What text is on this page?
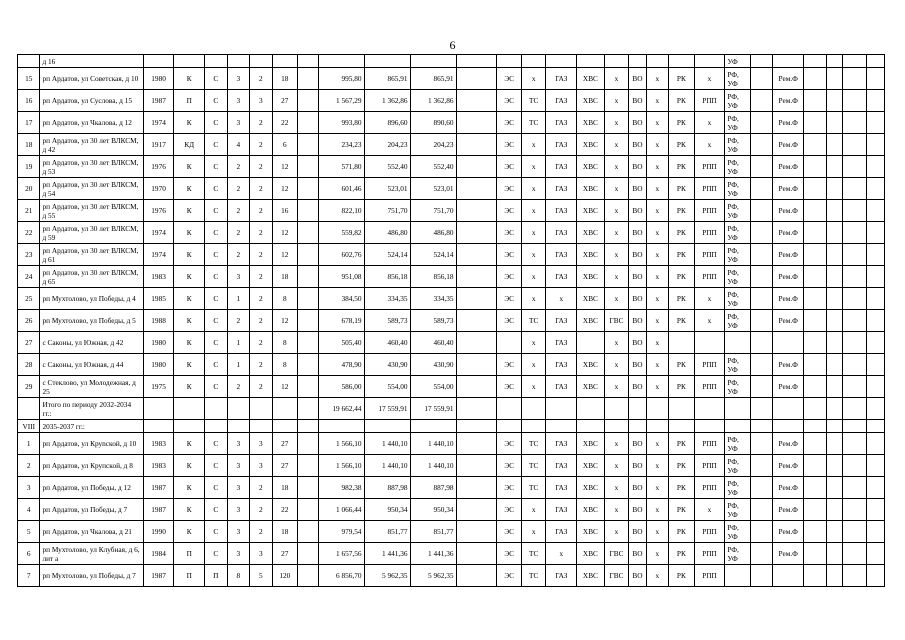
6
	д 16																					УФ						
15	рп Ардатов, ул Советская, д 10	1980	К	С	3	2	18		995,80	865,91	865,91		ЭС	х	ГАЗ	ХВС	х	ВО	х	РК	х	РФ, УФ		Рем.Ф				
16	рп Ардатов, ул Суслова, д 15	1987	П	С	3	3	27		1 567,29	1 362,86	1 362,86		ЭС	ТС	ГАЗ	ХВС	х	ВО	х	РК	РПП	РФ, УФ		Рем.Ф				
17	рп Ардатов, ул Чкалова, д 12	1974	К	С	3	2	22		993,80	896,60	890,60		ЭС	ТС	ГАЗ	ХВС	х	ВО	х	РК	х	РФ, УФ		Рем.Ф				
18	рп Ардатов, ул 30 лет ВЛКСМ, д 42	1917	КД	С	4	2	6		234,23	204,23	204,23		ЭС	х	ГАЗ	ХВС	х	ВО	х	РК	х	РФ, УФ		Рем.Ф				
19	рп Ардатов, ул 30 лет ВЛКСМ, д 53	1976	К	С	2	2	12		571,80	552,40	552,40		ЭС	х	ГАЗ	ХВС	х	ВО	х	РК	РПП	РФ, УФ		Рем.Ф				
20	рп Ардатов, ул 30 лет ВЛКСМ, д 54	1970	К	С	2	2	12		601,46	523,01	523,01		ЭС	х	ГАЗ	ХВС	х	ВО	х	РК	РПП	РФ, УФ		Рем.Ф				
21	рп Ардатов, ул 30 лет ВЛКСМ, д 55	1976	К	С	2	2	16		822,10	751,70	751,70		ЭС	х	ГАЗ	ХВС	х	ВО	х	РК	РПП	РФ, УФ		Рем.Ф				
22	рп Ардатов, ул 30 лет ВЛКСМ, д 59	1974	К	С	2	2	12		559,82	486,80	486,80		ЭС	х	ГАЗ	ХВС	х	ВО	х	РК	РПП	РФ, УФ		Рем.Ф				
23	рп Ардатов, ул 30 лет ВЛКСМ, д 61	1974	К	С	2	2	12		602,76	524,14	524,14		ЭС	х	ГАЗ	ХВС	х	ВО	х	РК	РПП	РФ, УФ		Рем.Ф				
24	рп Ардатов, ул 30 лет ВЛКСМ, д 65	1983	К	С	3	2	18		951,08	856,18	856,18		ЭС	х	ГАЗ	ХВС	х	ВО	х	РК	РПП	РФ, УФ		Рем.Ф				
25	рп Мухтолово, ул Победы, д 4	1985	К	С	1	2	8		384,50	334,35	334,35		ЭС	х	х	ХВС	х	ВО	х	РК	х	РФ, УФ		Рем.Ф				
26	рп Мухтолово, ул Победы, д 5	1988	К	С	2	2	12		678,19	589,73	589,73		ЭС	ТС	ГАЗ	ХВС	ГВС	ВО	х	РК	х	РФ, УФ		Рем.Ф				
27	с Саконы, ул Южная, д 42	1980	К	С	1	2	8		505,40	460,40	460,40			х	ГАЗ		х	ВО	х									
28	с Саконы, ул Южная, д 44	1980	К	С	1	2	8		478,90	430,90	430,90		ЭС	х	ГАЗ	ХВС	х	ВО	х	РК	РПП	РФ, УФ		Рем.Ф				
29	с Стеклово, ул Молодежная, д 25	1975	К	С	2	2	12		586,00	554,00	554,00		ЭС	х	ГАЗ	ХВС	х	ВО	х	РК	РПП	РФ, УФ		Рем.Ф				
	Итого по периоду 2032-2034 гг.:								19 662,44	17 559,91	17 559,91																	
VIII	2035-2037 гг.:																											
1	рп Ардатов, ул Круnской, д 10	1983	К	С	3	3	27		1 566,10	1 440,10	1 440,10		ЭС	ТС	ГАЗ	ХВС	х	ВО	х	РК	РПП	РФ, УФ		Рем.Ф				
2	рп Ардатов, ул Крупской, д 8	1983	К	С	3	3	27		1 566,10	1 440,10	1 440,10		ЭС	ТС	ГАЗ	ХВС	х	ВО	х	РК	РПП	РФ, УФ		Рем.Ф				
3	рп Ардатов, ул Победы, д 12	1987	К	С	3	2	18		982,38	887,98	887,98		ЭС	ТС	ГАЗ	ХВС	х	ВО	х	РК	РПП	РФ, УФ		Рем.Ф				
4	рп Ардатов, ул Победы, д 7	1987	К	С	3	2	22		1 066,44	950,34	950,34		ЭС	х	ГАЗ	ХВС	х	ВО	х	РК	х	РФ, УФ		Рем.Ф				
5	рп Ардатов, ул Чкалова, д 21	1990	К	С	3	2	18		979,54	851,77	851,77		ЭС	х	ГАЗ	ХВС	х	ВО	х	РК	РПП	РФ, УФ		Рем.Ф				
6	рп Мухтолово, ул Клубная, д 6, лит а	1984	П	С	3	3	27		1 657,56	1 441,36	1 441,36		ЭС	ТС	х	ХВС	ГВС	ВО	х	РК	РПП	РФ, УФ		Рем.Ф				
7	рп Мухтолово, ул Победы, д 7	1987	П	П	8	5	120		6 856,70	5 962,35	5 962,35		ЭС	ТС	ГАЗ	ХВС	ГВС	ВО	х	РК	РПП							
